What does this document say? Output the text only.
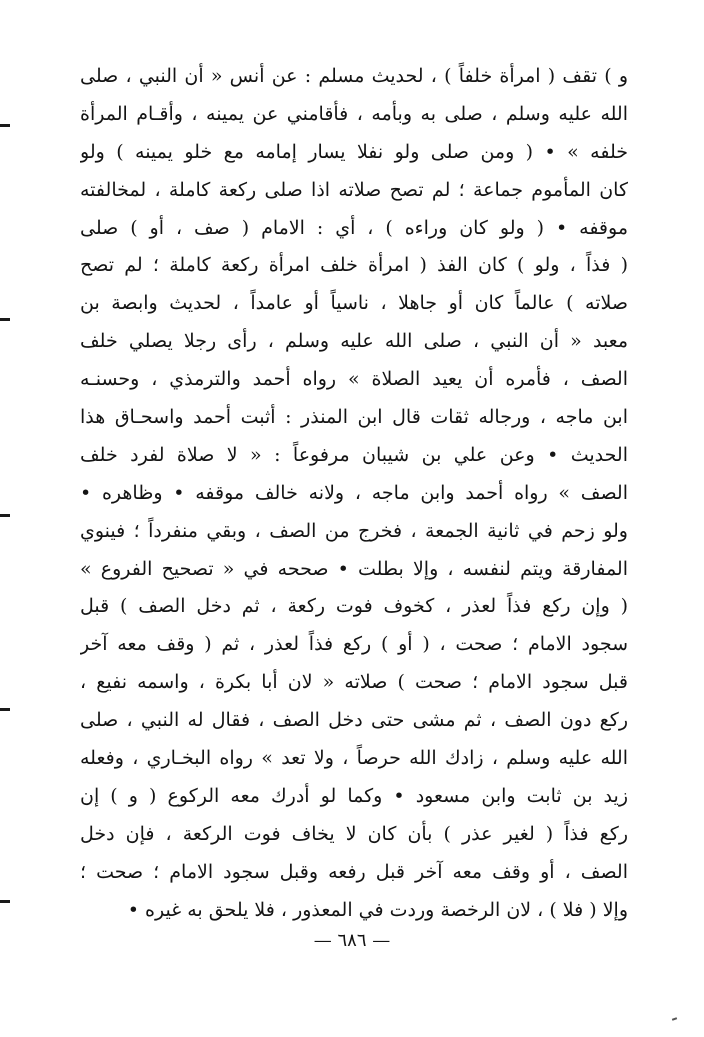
و ) تقف ( امرأة خلفاً ) ، لحديث مسلم : عن أنس « أن النبي ، صلى
الله عليه وسلم ، صلى به وبأمه ، فأقامني عن يمينه ، وأقـام المرأة
خلفه » • ( ومن صلى ولو نفلا يسار إمامه مع خلو يمينه ) ولو
كان المأموم جماعة ؛ لم تصح صلاته اذا صلى ركعة كاملة ، لمخالفته
موقفه • ( ولو كان وراءه ) ، أي : الامام ( صف ، أو ) صلى
( فذاً ، ولو ) كان الفذ ( امرأة خلف امرأة ركعة كاملة ؛ لم تصح
صلاته ) عالماً كان أو جاهلا ، ناسياً أو عامداً ، لحديث وابصة بن
معبد « أن النبي ، صلى الله عليه وسلم ، رأى رجلا يصلي خلف
الصف ، فأمره أن يعيد الصلاة » رواه أحمد والترمذي ، وحسنـه
ابن ماجه ، ورجاله ثقات قال ابن المنذر : أثبت أحمد واسحـاق هذا
الحديث • وعن علي بن شيبان مرفوعاً : « لا صلاة لفرد خلف
الصف » رواه أحمد وابن ماجه ، ولانه خالف موقفه • وظاهره •
ولو زحم في ثانية الجمعة ، فخرج من الصف ، وبقي منفرداً ؛ فينوي
المفارقة ويتم لنفسه ، وإلا بطلت • صححه في « تصحيح الفروع »
( وإن ركع فذاً لعذر ، كخوف فوت ركعة ، ثم دخل الصف ) قبل
سجود الامام ؛ صحت ، ( أو ) ركع فذاً لعذر ، ثم ( وقف معه آخر
قبل سجود الامام ؛ صحت ) صلاته « لان أبا بكرة ، واسمه نفيع ،
ركع دون الصف ، ثم مشى حتى دخل الصف ، فقال له النبي ، صلى
الله عليه وسلم ، زادك الله حرصاً ، ولا تعد » رواه البخـاري ، وفعله
زيد بن ثابت وابن مسعود • وكما لو أدرك معه الركوع ( و ) إن
ركع فذاً ( لغير عذر ) بأن كان لا يخاف فوت الركعة ، فإن دخل
الصف ، أو وقف معه آخر قبل رفعه وقبل سجود الامام ؛ صحت ؛
وإلا ( فلا ) ، لان الرخصة وردت في المعذور ، فلا يلحق به غيره •
— ٦٨٦ —
